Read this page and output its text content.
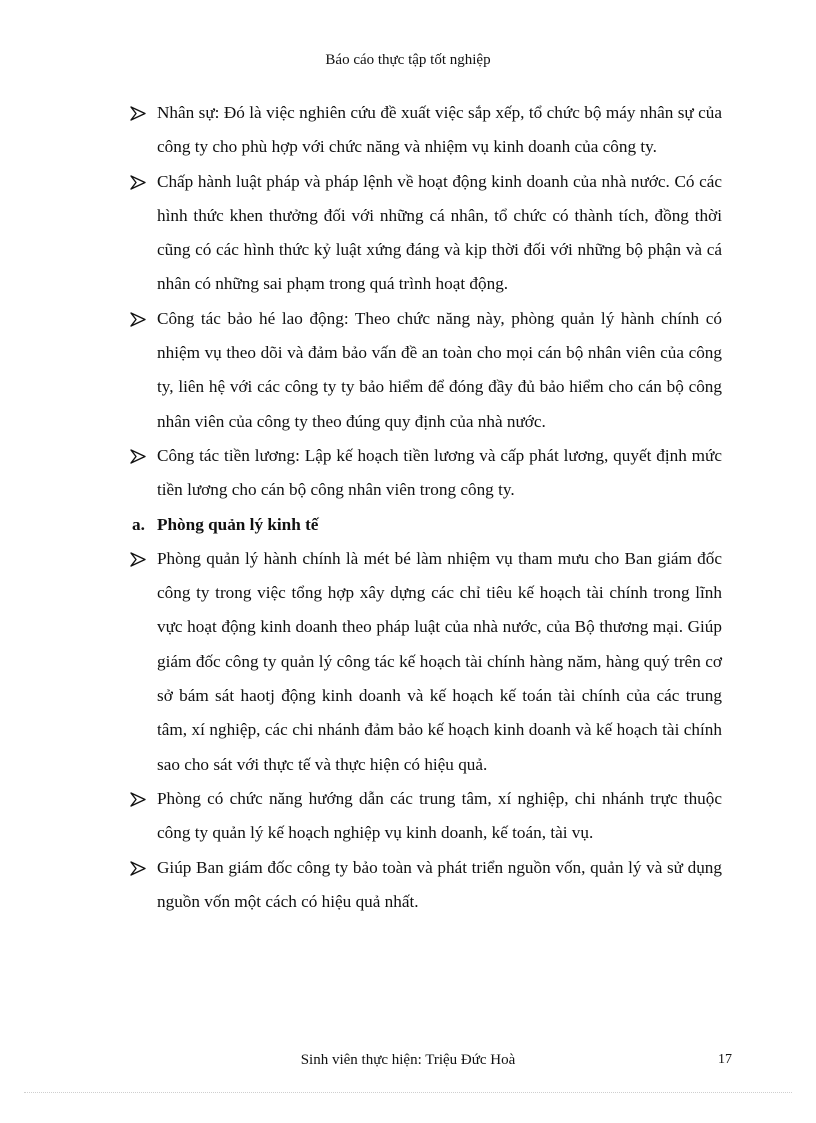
Báo cáo thực tập tốt nghiệp
Nhân sự: Đó là việc nghiên cứu đề xuất việc sắp xếp, tổ chức bộ máy nhân sự của công ty cho phù hợp với chức năng và nhiệm vụ kinh doanh của công ty.
Chấp hành luật pháp và pháp lệnh về hoạt động kinh doanh của nhà nước. Có các hình thức khen thưởng đối với những cá nhân, tổ chức có thành tích, đồng thời cũng có các hình thức kỷ luật xứng đáng và kịp thời đối với những bộ phận và cá nhân có những sai phạm trong quá trình hoạt động.
Công tác bảo hé lao động: Theo chức năng này, phòng quản lý hành chính có nhiệm vụ theo dõi và đảm bảo vấn đề an toàn cho mọi cán bộ nhân viên của công ty, liên hệ với các công ty ty bảo hiểm để đóng đầy đủ bảo hiểm cho cán bộ công nhân viên của công ty theo đúng quy định của nhà nước.
Công tác tiền lương: Lập kế hoạch tiền lương và cấp phát lương, quyết định mức tiền lương cho cán bộ công nhân viên trong công ty.
a. Phòng quản lý kinh tế
Phòng quản lý hành chính là mét bé làm nhiệm vụ tham mưu cho Ban giám đốc công ty trong việc tổng hợp xây dựng các chỉ tiêu kế hoạch tài chính trong lĩnh vực hoạt động kinh doanh theo pháp luật của nhà nước, của Bộ thương mại. Giúp giám đốc công ty quản lý công tác kế hoạch tài chính hàng năm, hàng quý trên cơ sở bám sát haotj động kinh doanh và kế hoạch kế toán tài chính của các trung tâm, xí nghiệp, các chi nhánh đảm bảo kế hoạch kinh doanh và kế hoạch tài chính sao cho sát với thực tế và thực hiện có hiệu quả.
Phòng có chức năng hướng dẫn các trung tâm, xí nghiệp, chi nhánh trực thuộc công ty quản lý kế hoạch nghiệp vụ kinh doanh, kế toán, tài vụ.
Giúp Ban giám đốc công ty bảo toàn và phát triển nguồn vốn, quản lý và sử dụng nguồn vốn một cách có hiệu quả nhất.
Sinh viên thực hiện: Triệu Đức Hoà	17
